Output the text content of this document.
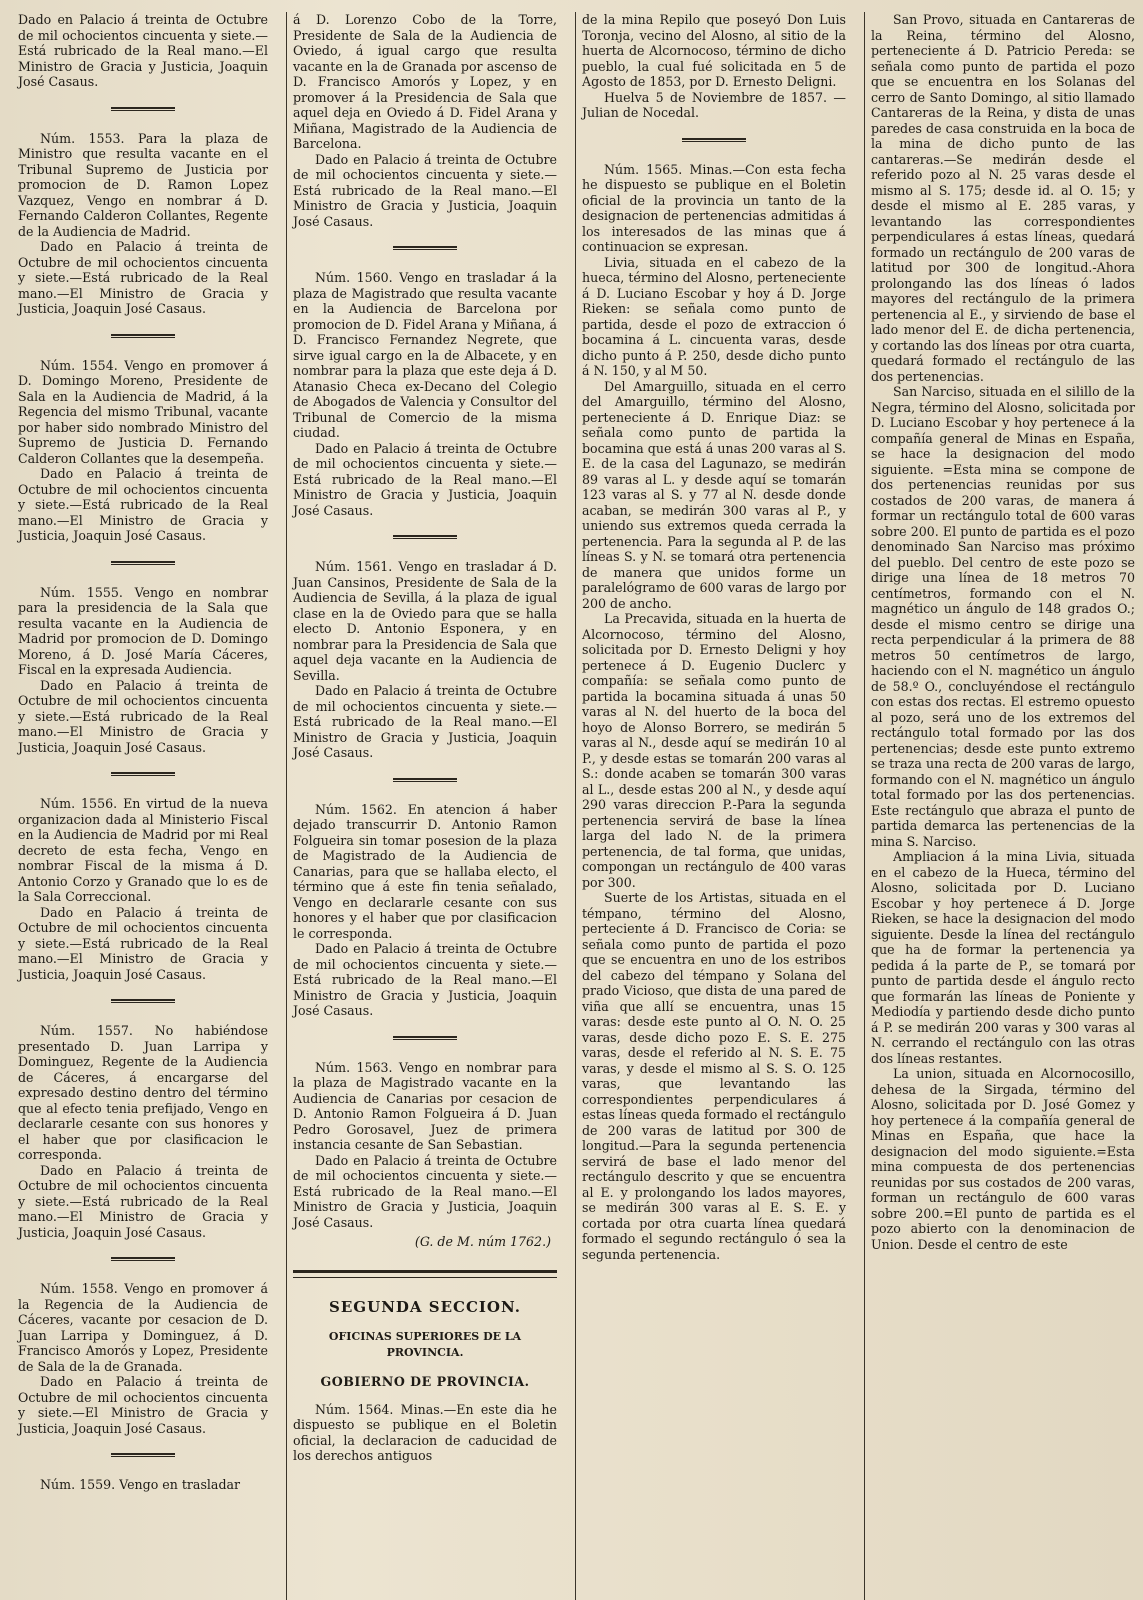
Dado en Palacio á treinta de Octubre de mil ochocientos cincuenta y siete.—Está rubricado de la Real mano.—El Ministro de Gracia y Justicia, Joaquin José Casaus.

Núm. 1553. Para la plaza de Ministro que resulta vacante en el Tribunal Supremo de Justicia por promocion de D. Ramon Lopez Vazquez, Vengo en nombrar á D. Fernando Calderon Collantes, Regente de la Audiencia de Madrid.

Dado en Palacio á treinta de Octubre de mil ochocientos cincuenta y siete.—Está rubricado de la Real mano.—El Ministro de Gracia y Justicia, Joaquin José Casaus.

Núm. 1554. Vengo en promover á D. Domingo Moreno, Presidente de Sala en la Audiencia de Madrid, á la Regencia del mismo Tribunal, vacante por haber sido nombrado Ministro del Supremo de Justicia D. Fernando Calderon Collantes que la desempeña.

Dado en Palacio á treinta de Octubre de mil ochocientos cincuenta y siete.—Está rubricado de la Real mano.—El Ministro de Gracia y Justicia, Joaquin José Casaus.

Núm. 1555. Vengo en nombrar para la presidencia de la Sala que resulta vacante en la Audiencia de Madrid por promocion de D. Domingo Moreno, á D. José María Cáceres, Fiscal en la expresada Audiencia.

Dado en Palacio á treinta de Octubre de mil ochocientos cincuenta y siete.—Está rubricado de la Real mano.—El Ministro de Gracia y Justicia, Joaquin José Casaus.

Núm. 1556. En virtud de la nueva organizacion dada al Ministerio Fiscal en la Audiencia de Madrid por mi Real decreto de esta fecha, Vengo en nombrar Fiscal de la misma á D. Antonio Corzo y Granado que lo es de la Sala Correccional.

Dado en Palacio á treinta de Octubre de mil ochocientos cincuenta y siete.—Está rubricado de la Real mano.—El Ministro de Gracia y Justicia, Joaquin José Casaus.

Núm. 1557. No habiéndose presentado D. Juan Larripa y Dominguez, Regente de la Audiencia de Cáceres, á encargarse del expresado destino dentro del término que al efecto tenia prefijado, Vengo en declararle cesante con sus honores y el haber que por clasificacion le corresponda.

Dado en Palacio á treinta de Octubre de mil ochocientos cincuenta y siete.—Está rubricado de la Real mano.—El Ministro de Gracia y Justicia, Joaquin José Casaus.

Núm. 1558. Vengo en promover á la Regencia de la Audiencia de Cáceres, vacante por cesacion de D. Juan Larripa y Dominguez, á D. Francisco Amorós y Lopez, Presidente de Sala de la de Granada.

Dado en Palacio á treinta de Octubre de mil ochocientos cincuenta y siete.—El Ministro de Gracia y Justicia, Joaquin José Casaus.

Núm. 1559. Vengo en trasladar

á D. Lorenzo Cobo de la Torre, Presidente de Sala de la Audiencia de Oviedo, á igual cargo que resulta vacante en la de Granada por ascenso de D. Francisco Amorós y Lopez, y en promover á la Presidencia de Sala que aquel deja en Oviedo á D. Fidel Arana y Miñana, Magistrado de la Audiencia de Barcelona.

Dado en Palacio á treinta de Octubre de mil ochocientos cincuenta y siete.—Está rubricado de la Real mano.—El Ministro de Gracia y Justicia, Joaquin José Casaus.

Núm. 1560. Vengo en trasladar á la plaza de Magistrado que resulta vacante en la Audiencia de Barcelona por promocion de D. Fidel Arana y Miñana, á D. Francisco Fernandez Negrete, que sirve igual cargo en la de Albacete, y en nombrar para la plaza que este deja á D. Atanasio Checa ex-Decano del Colegio de Abogados de Valencia y Consultor del Tribunal de Comercio de la misma ciudad.

Dado en Palacio á treinta de Octubre de mil ochocientos cincuenta y siete.—Está rubricado de la Real mano.—El Ministro de Gracia y Justicia, Joaquin José Casaus.

Núm. 1561. Vengo en trasladar á D. Juan Cansinos, Presidente de Sala de la Audiencia de Sevilla, á la plaza de igual clase en la de Oviedo para que se halla electo D. Antonio Esponera, y en nombrar para la Presidencia de Sala que aquel deja vacante en la Audiencia de Sevilla.

Dado en Palacio á treinta de Octubre de mil ochocientos cincuenta y siete.—Está rubricado de la Real mano.—El Ministro de Gracia y Justicia, Joaquin José Casaus.

Núm. 1562. En atencion á haber dejado transcurrir D. Antonio Ramon Folgueira sin tomar posesion de la plaza de Magistrado de la Audiencia de Canarias, para que se hallaba electo, el término que á este fin tenia señalado, Vengo en declararle cesante con sus honores y el haber que por clasificacion le corresponda.

Dado en Palacio á treinta de Octubre de mil ochocientos cincuenta y siete.—Está rubricado de la Real mano.—El Ministro de Gracia y Justicia, Joaquin José Casaus.

Núm. 1563. Vengo en nombrar para la plaza de Magistrado vacante en la Audiencia de Canarias por cesacion de D. Antonio Ramon Folgueira á D. Juan Pedro Gorosavel, Juez de primera instancia cesante de San Sebastian.

Dado en Palacio á treinta de Octubre de mil ochocientos cincuenta y siete.—Está rubricado de la Real mano.—El Ministro de Gracia y Justicia, Joaquin José Casaus.

(G. de M. núm 1762.)
SEGUNDA SECCION.
OFICINAS SUPERIORES DE LA PROVINCIA.
GOBIERNO DE PROVINCIA.

Núm. 1564. Minas.—En este dia he dispuesto se publique en el Boletin oficial, la declaracion de caducidad de los derechos antiguos

de la mina Repilo que poseyó Don Luis Toronja, vecino del Alosno, al sitio de la huerta de Alcornocoso, término de dicho pueblo, la cual fué solicitada en 5 de Agosto de 1853, por D. Ernesto Deligni.

Huelva 5 de Noviembre de 1857. —Julian de Nocedal.

Núm. 1565. Minas.—Con esta fecha he dispuesto se publique en el Boletin oficial de la provincia un tanto de la designacion de pertenencias admitidas á los interesados de las minas que á continuacion se expresan.

Livia, situada en el cabezo de la hueca, término del Alosno, perteneciente á D. Luciano Escobar y hoy á D. Jorge Rieken: se señala como punto de partida, desde el pozo de extraccion ó bocamina á L. cincuenta varas, desde dicho punto á P. 250, desde dicho punto á N. 150, y al M 50.

Del Amarguillo, situada en el cerro del Amarguillo, término del Alosno, perteneciente á D. Enrique Diaz: se señala como punto de partida la bocamina que está á unas 200 varas al S. E. de la casa del Lagunazo, se medirán 89 varas al L. y desde aquí se tomarán 123 varas al S. y 77 al N. desde donde acaban, se medirán 300 varas al P., y uniendo sus extremos queda cerrada la pertenencia. Para la segunda al P. de las líneas S. y N. se tomará otra pertenencia de manera que unidos forme un paralelógramo de 600 varas de largo por 200 de ancho.

La Precavida, situada en la huerta de Alcornocoso, término del Alosno, solicitada por D. Ernesto Deligni y hoy pertenece á D. Eugenio Duclerc y compañía: se señala como punto de partida la bocamina situada á unas 50 varas al N. del huerto de la boca del hoyo de Alonso Borrero, se medirán 5 varas al N., desde aquí se medirán 10 al P., y desde estas se tomarán 200 varas al S.: donde acaben se tomarán 300 varas al L., desde estas 200 al N., y desde aquí 290 varas direccion P.-Para la segunda pertenencia servirá de base la línea larga del lado N. de la primera pertenencia, de tal forma, que unidas, compongan un rectángulo de 400 varas por 300.

Suerte de los Artistas, situada en el témpano, término del Alosno, perteciente á D. Francisco de Coria: se señala como punto de partida el pozo que se encuentra en uno de los estribos del cabezo del témpano y Solana del prado Vicioso, que dista de una pared de viña que allí se encuentra, unas 15 varas: desde este punto al O. N. O. 25 varas, desde dicho pozo E. S. E. 275 varas, desde el referido al N. S. E. 75 varas, y desde el mismo al S. S. O. 125 varas, que levantando las correspondientes perpendiculares á estas líneas queda formado el rectángulo de 200 varas de latitud por 300 de longitud.—Para la segunda pertenencia servirá de base el lado menor del rectángulo descrito y que se encuentra al E. y prolongando los lados mayores, se medirán 300 varas al E. S. E. y cortada por otra cuarta línea quedará formado el segundo rectángulo ó sea la segunda pertenencia.

San Provo, situada en Cantareras de la Reina, término del Alosno, perteneciente á D. Patricio Pereda: se señala como punto de partida el pozo que se encuentra en los Solanas del cerro de Santo Domingo, al sitio llamado Cantareras de la Reina, y dista de unas paredes de casa construida en la boca de la mina de dicho punto de las cantareras.—Se medirán desde el referido pozo al N. 25 varas desde el mismo al S. 175; desde id. al O. 15; y desde el mismo al E. 285 varas, y levantando las correspondientes perpendiculares á estas líneas, quedará formado un rectángulo de 200 varas de latitud por 300 de longitud.-Ahora prolongando las dos líneas ó lados mayores del rectángulo de la primera pertenencia al E., y sirviendo de base el lado menor del E. de dicha pertenencia, y cortando las dos líneas por otra cuarta, quedará formado el rectángulo de las dos pertenencias.

San Narciso, situada en el silillo de la Negra, término del Alosno, solicitada por D. Luciano Escobar y hoy pertenece á la compañía general de Minas en España, se hace la designacion del modo siguiente. =Esta mina se compone de dos pertenencias reunidas por sus costados de 200 varas, de manera á formar un rectángulo total de 600 varas sobre 200. El punto de partida es el pozo denominado San Narciso mas próximo del pueblo. Del centro de este pozo se dirige una línea de 18 metros 70 centímetros, formando con el N. magnético un ángulo de 148 grados O.; desde el mismo centro se dirige una recta perpendicular á la primera de 88 metros 50 centímetros de largo, haciendo con el N. magnético un ángulo de 58.º O., concluyéndose el rectángulo con estas dos rectas. El estremo opuesto al pozo, será uno de los extremos del rectángulo total formado por las dos pertenencias; desde este punto extremo se traza una recta de 200 varas de largo, formando con el N. magnético un ángulo total formado por las dos pertenencias. Este rectángulo que abraza el punto de partida demarca las pertenencias de la mina S. Narciso.

Ampliacion á la mina Livia, situada en el cabezo de la Hueca, término del Alosno, solicitada por D. Luciano Escobar y hoy pertenece á D. Jorge Rieken, se hace la designacion del modo siguiente. Desde la línea del rectángulo que ha de formar la pertenencia ya pedida á la parte de P., se tomará por punto de partida desde el ángulo recto que formarán las líneas de Poniente y Mediodía y partiendo desde dicho punto á P. se medirán 200 varas y 300 varas al N. cerrando el rectángulo con las otras dos líneas restantes.

La union, situada en Alcornocosillo, dehesa de la Sirgada, término del Alosno, solicitada por D. José Gomez y hoy pertenece á la compañía general de Minas en España, que hace la designacion del modo siguiente.=Esta mina compuesta de dos pertenencias reunidas por sus costados de 200 varas, forman un rectángulo de 600 varas sobre 200.=El punto de partida es el pozo abierto con la denominacion de Union. Desde el centro de este
